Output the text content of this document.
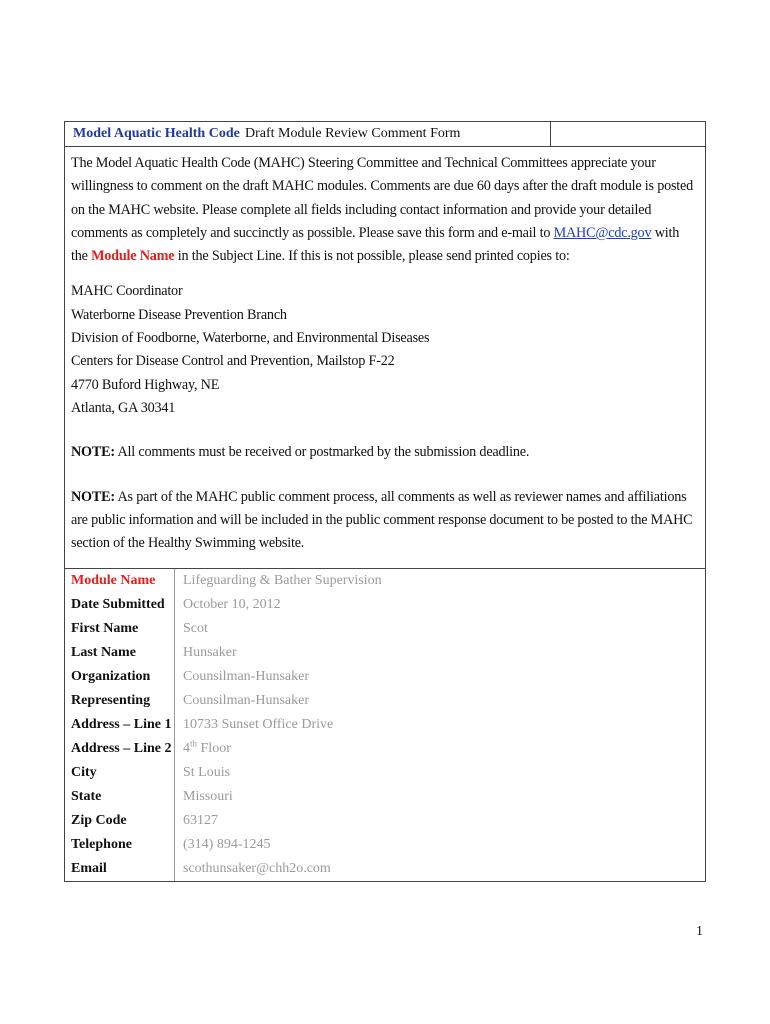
Model Aquatic Health Code Draft Module Review Comment Form

The Model Aquatic Health Code (MAHC) Steering Committee and Technical Committees appreciate your willingness to comment on the draft MAHC modules. Comments are due 60 days after the draft module is posted on the MAHC website. Please complete all fields including contact information and provide your detailed comments as completely and succinctly as possible. Please save this form and e-mail to MAHC@cdc.gov with the Module Name in the Subject Line. If this is not possible, please send printed copies to:

MAHC Coordinator

Waterborne Disease Prevention Branch

Division of Foodborne, Waterborne, and Environmental Diseases

Centers for Disease Control and Prevention, Mailstop F-22

4770 Buford Highway, NE

Atlanta, GA 30341

NOTE: All comments must be received or postmarked by the submission deadline.

NOTE: As part of the MAHC public comment process, all comments as well as reviewer names and affiliations are public information and will be included in the public comment response document to be posted to the MAHC section of the Healthy Swimming website.

Module Name	Lifeguarding & Bather Supervision
Date Submitted	October 10, 2012
First Name	Scot
Last Name	Hunsaker
Organization	Counsilman-Hunsaker
Representing	Counsilman-Hunsaker
Address – Line 1 10733 Sunset Office Drive
Address – Line 2 4th Floor
City	St Louis
State	Missouri
Zip Code	63127
Telephone	(314) 894-1245
Email	scothunsaker@chh2o.com
1
